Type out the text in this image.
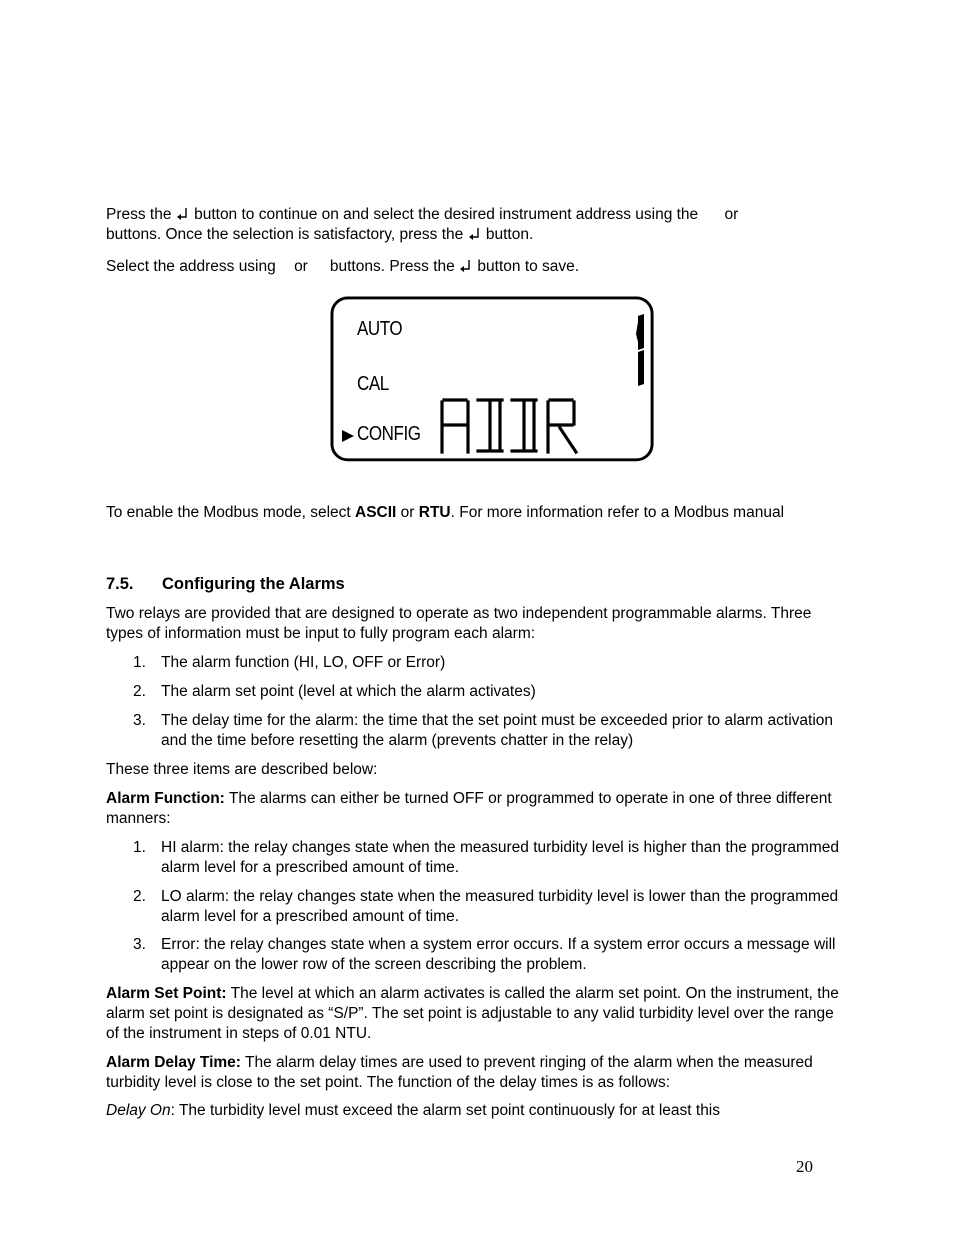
Press the  button to continue on and select the desired instrument address using the or
buttons. Once the selection is satisfactory, press the  button.

Select the address using or buttons. Press the  button to save.

AUTO
CAL
CONFIG

To enable the Modbus mode, select ASCII or RTU. For more information refer to a Modbus manual

7.5. Configuring the Alarms

Two relays are provided that are designed to operate as two independent programmable alarms. Three types of information must be input to fully program each alarm:

1. The alarm function (HI, LO, OFF or Error)
2. The alarm set point (level at which the alarm activates)
3. The delay time for the alarm: the time that the set point must be exceeded prior to alarm activation and the time before resetting the alarm (prevents chatter in the relay)

These three items are described below:

Alarm Function: The alarms can either be turned OFF or programmed to operate in one of three different manners:

1. HI alarm: the relay changes state when the measured turbidity level is higher than the programmed alarm level for a prescribed amount of time.
2. LO alarm: the relay changes state when the measured turbidity level is lower than the programmed alarm level for a prescribed amount of time.
3. Error: the relay changes state when a system error occurs. If a system error occurs a message will appear on the lower row of the screen describing the problem.

Alarm Set Point: The level at which an alarm activates is called the alarm set point. On the instrument, the alarm set point is designated as “S/P”. The set point is adjustable to any valid turbidity level over the range of the instrument in steps of 0.01 NTU.

Alarm Delay Time: The alarm delay times are used to prevent ringing of the alarm when the measured turbidity level is close to the set point. The function of the delay times is as follows:

Delay On: The turbidity level must exceed the alarm set point continuously for at least this

20
